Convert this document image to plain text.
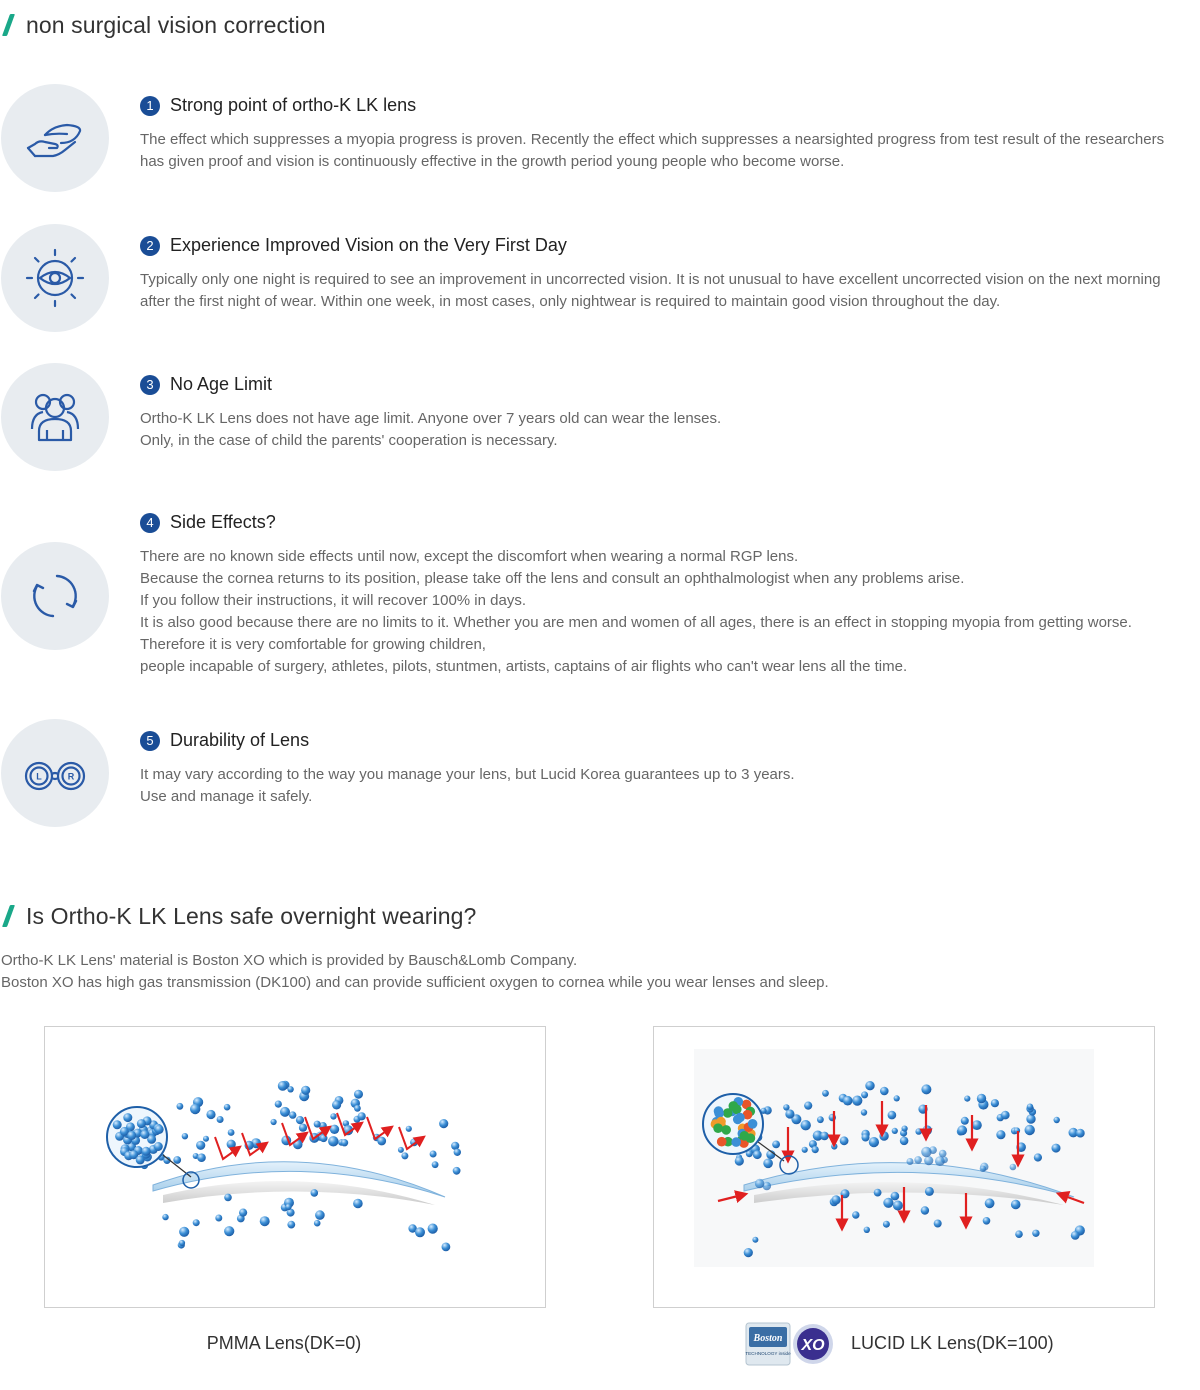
non surgical vision correction
1 Strong point of ortho-K LK lens
The effect which suppresses a myopia progress is proven. Recently the effect which suppresses a nearsighted progress from test result of the researchers
has given proof and vision is continuously effective in the growth period young people who become worse.
2 Experience Improved Vision on the Very First Day
Typically only one night is required to see an improvement in uncorrected vision. It is not unusual to have excellent uncorrected vision on the next morning
after the first night of wear. Within one week, in most cases, only nightwear is required to maintain good vision throughout the day.
3 No Age Limit
Ortho-K LK Lens does not have age limit. Anyone over 7 years old can wear the lenses.
Only, in the case of child the parents' cooperation is necessary.
4 Side Effects?
There are no known side effects until now, except the discomfort when wearing a normal RGP lens.
Because the cornea returns to its position, please take off the lens and consult an ophthalmologist when any problems arise.
If you follow their instructions, it will recover 100% in days.
It is also good because there are no limits to it. Whether you are men and women of all ages, there is an effect in stopping myopia from getting worse.
Therefore it is very comfortable for growing children,
people incapable of surgery, athletes, pilots, stuntmen, artists, captains of air flights who can't wear lens all the time.
L	R
5 Durability of Lens
It may vary according to the way you manage your lens, but Lucid Korea guarantees up to 3 years.
Use and manage it safely.
Is Ortho-K LK Lens safe overnight wearing?
Ortho-K LK Lens' material is Boston XO which is provided by Bausch&Lomb Company.
Boston XO has high gas transmission (DK100) and can provide sufficient oxygen to cornea while you wear lenses and sleep.
PMMA Lens(DK=0)	Boston
TECHNOLOGY inside XO LUCID LK Lens(DK=100)
